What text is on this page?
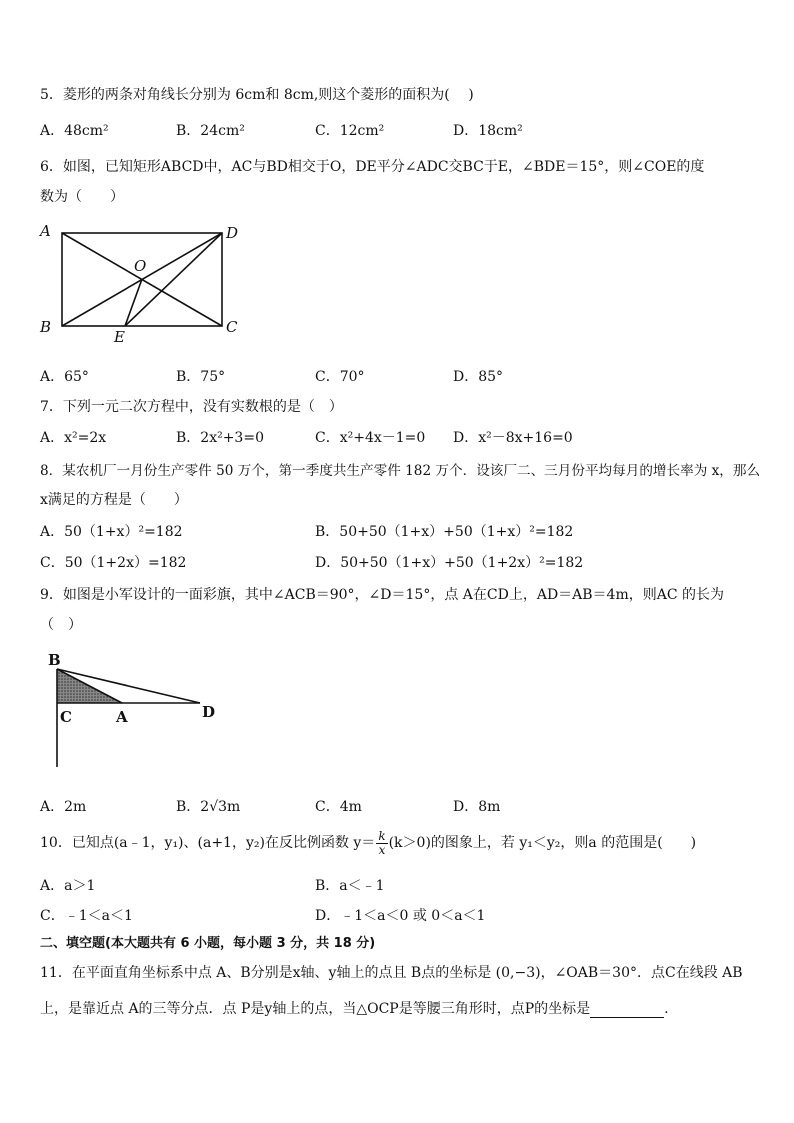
5．菱形的两条对角线长分别为 6cm和 8cm,则这个菱形的面积为(　 )
A．48cm²	B．24cm²	C．12cm²	D．18cm²
6．如图，已知矩形ABCD中，AC与BD相交于O，DE平分∠ADC交BC于E，∠BDE＝15°，则∠COE的度
数为（　　）
A	D
B	C
O
E
A．65°	B．75°	C．70°	D．85°
7．下列一元二次方程中，没有实数根的是（　）
A．x²=2x	B．2x²+3=0	C．x²+4x－1=0 D．x²－8x+16=0
8．某农机厂一月份生产零件 50 万个，第一季度共生产零件 182 万个．设该厂二、三月份平均每月的增长率为 x，那么
x满足的方程是（　　）
A．50（1+x）²=182	B．50+50（1+x）+50（1+x）²=182
C．50（1+2x）=182	D．50+50（1+x）+50（1+2x）²=182
9．如图是小军设计的一面彩旗，其中∠ACB＝90°，∠D＝15°，点 A在CD上，AD＝AB＝4m，则AC 的长为
（　）
B
C	A	D
A．2m	B．2√3m	C．4m	D．8m
10．已知点(a﹣1，y₁)、(a+1，y₂)在反比例函数 $y= \frac{k}{x} (k>0)$的图象上，若 y₁＜y₂，则a 的范围是(　　)
A．a＞1	B．a＜﹣1
C．﹣1＜a＜1	D．﹣1＜a＜0 或 0＜a＜1
二、填空题(本大题共有 6 小题，每小题 3 分，共 18 分)
11．在平面直角坐标系中点 A、B分别是x轴、y轴上的点且 B点的坐标是 (0,−3)，∠OAB＝30°．点C在线段 AB
上，是靠近点 A的三等分点．点 P是y轴上的点，当△OCP是等腰三角形时，点P的坐标是	.
